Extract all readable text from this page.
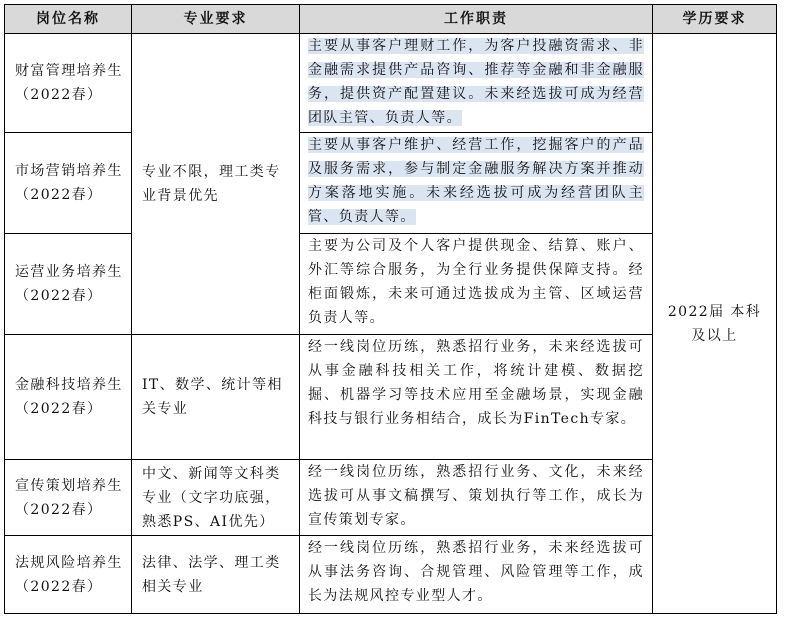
岗位名称	专业要求	工作职责	学历要求
财富管理培养生（2022春）	专业不限，理工类专业背景优先	主要从事客户理财工作，为客户投融资需求、非金融需求提供产品咨询、推荐等金融和非金融服务，提供资产配置建议。未来经选拔可成为经营团队主管、负责人等。	2022届 本科及以上
市场营销培养生（2022春）		主要从事客户维护、经营工作，挖掘客户的产品及服务需求，参与制定金融服务解决方案并推动方案落地实施。未来经选拔可成为经营团队主管、负责人等。	
运营业务培养生（2022春）		主要为公司及个人客户提供现金、结算、账户、外汇等综合服务，为全行业务提供保障支持。经柜面锻炼，未来可通过选拔成为主管、区域运营负责人等。	
金融科技培养生（2022春）	IT、数学、统计等相关专业	经一线岗位历练，熟悉招行业务，未来经选拔可从事金融科技相关工作，将统计建模、数据挖掘、机器学习等技术应用至金融场景，实现金融科技与银行业务相结合，成长为FinTech专家。	
宣传策划培养生（2022春）	中文、新闻等文科类专业（文字功底强，熟悉PS、AI优先）	经一线岗位历练，熟悉招行业务、文化，未来经选拔可从事文稿撰写、策划执行等工作，成长为宣传策划专家。	
法规风险培养生（2022春）	法律、法学、理工类相关专业	经一线岗位历练，熟悉招行业务，未来经选拔可从事法务咨询、合规管理、风险管理等工作，成长为法规风控专业型人才。	
